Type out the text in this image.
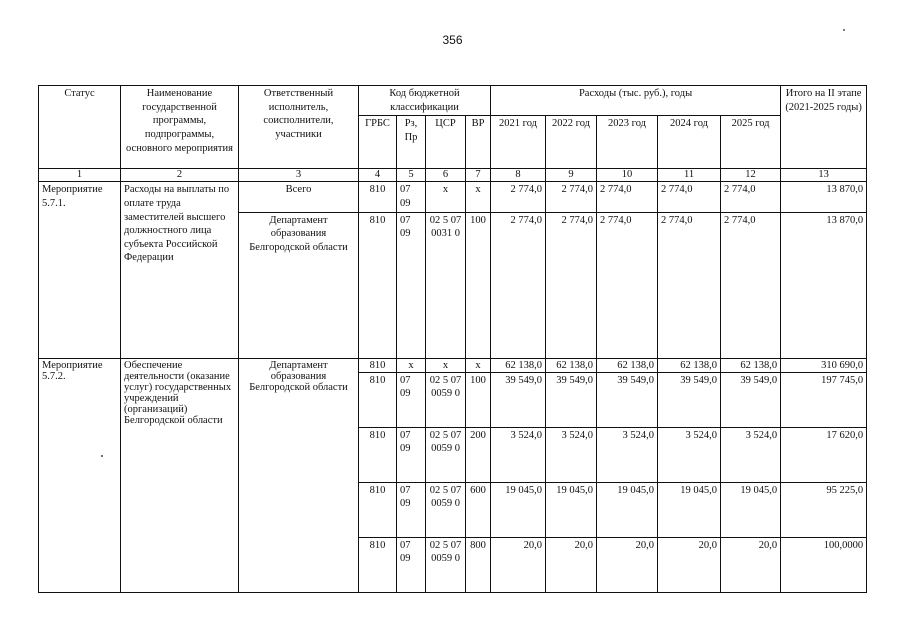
356
Статус	Наименование государственной программы, подпрограммы, основного мероприятия	Ответственный исполнитель, соисполнители, участники	Код бюджетной классификации				Расходы (тыс. руб.), годы					Итого на II этапе (2021-2025 годы)
			ГРБС	Рз, Пр	ЦСР	ВР	2021 год	2022 год	2023 год	2024 год	2025 год	
1	2	3	4	5	6	7	8	9	10	11	12	13
Мероприятие 5.7.1.	Расходы на выплаты по оплате труда заместителей высшего должностного лица субъекта Российской Федерации	Всего	810	07 09	х	х	2 774,0	2 774,0	2 774,0	2 774,0	2 774,0	13 870,0
		Департамент образования Белгородской области	810	07 09	02 5 07 0031 0	100	2 774,0	2 774,0	2 774,0	2 774,0	2 774,0	13 870,0
Мероприятие 5.7.2.	Обеспечение деятельности (оказание услуг) государственных учреждений (организаций) Белгородской области	Департамент образования Белгородской области	810	х	х	х	62 138,0	62 138,0	62 138,0	62 138,0	62 138,0	310 690,0
			810	07 09	02 5 07 0059 0	100	39 549,0	39 549,0	39 549,0	39 549,0	39 549,0	197 745,0
			810	07 09	02 5 07 0059 0	200	3 524,0	3 524,0	3 524,0	3 524,0	3 524,0	17 620,0
			810	07 09	02 5 07 0059 0	600	19 045,0	19 045,0	19 045,0	19 045,0	19 045,0	95 225,0
			810	07 09	02 5 07 0059 0	800	20,0	20,0	20,0	20,0	20,0	100,0000
